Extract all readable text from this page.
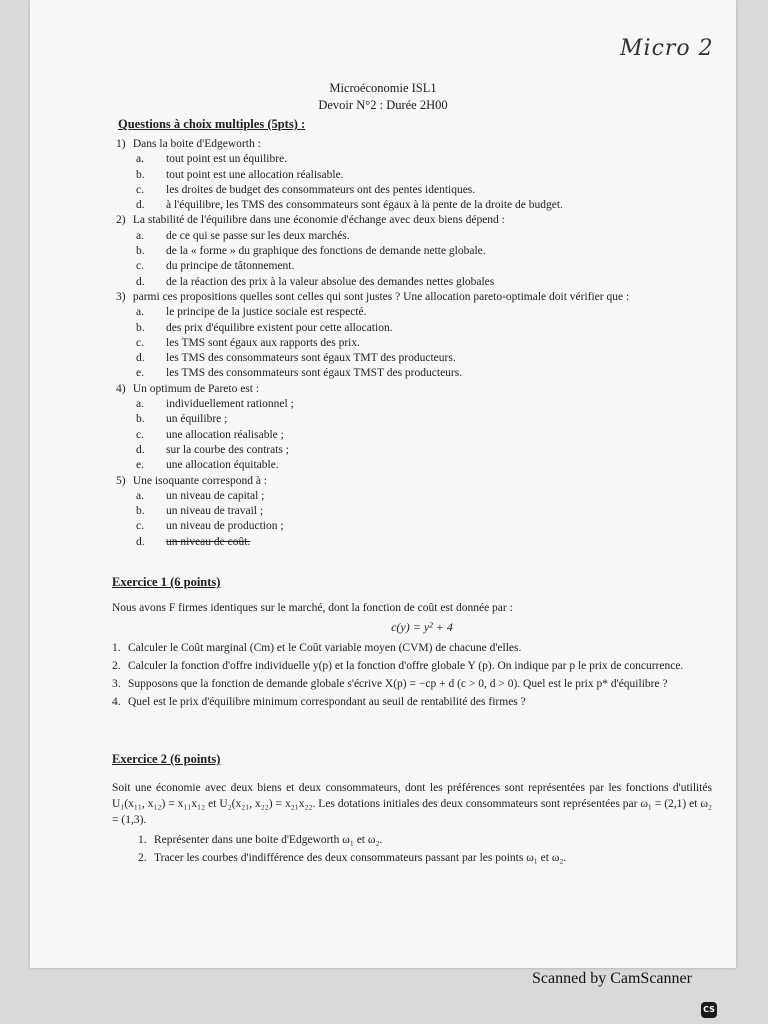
Micro 2
Microéconomie ISL1
Devoir N°2 : Durée 2H00
Questions à choix multiples (5pts) :

1) Dans la boite d'Edgeworth :

a. tout point est un équilibre.

b. tout point est une allocation réalisable.

c. les droites de budget des consommateurs ont des pentes identiques.

d. à l'équilibre, les TMS des consommateurs sont égaux à la pente de la droite de budget.

2) La stabilité de l'équilibre dans une économie d'échange avec deux biens dépend :

a. de ce qui se passe sur les deux marchés.

b. de la « forme » du graphique des fonctions de demande nette globale.

c. du principe de tâtonnement.

d. de la réaction des prix à la valeur absolue des demandes nettes globales

3) parmi ces propositions quelles sont celles qui sont justes ? Une allocation pareto-optimale doit vérifier que :

a. le principe de la justice sociale est respecté.

b. des prix d'équilibre existent pour cette allocation.

c. les TMS sont égaux aux rapports des prix.

d. les TMS des consommateurs sont égaux TMT des producteurs.

e. les TMS des consommateurs sont égaux TMST des producteurs.

4) Un optimum de Pareto est :

a. individuellement rationnel ;

b. un équilibre ;

c. une allocation réalisable ;

d. sur la courbe des contrats ;

e. une allocation équitable.

5) Une isoquante correspond à :

a. un niveau de capital ;

b. un niveau de travail ;

c. un niveau de production ;

d. un niveau de coût.

Exercice 1 (6 points)
Nous avons F firmes identiques sur le marché, dont la fonction de coût est donnée par :
c(y) = y² + 4
1. Calculer le Coût marginal (Cm) et le Coût variable moyen (CVM) de chacune d'elles.
2. Calculer la fonction d'offre individuelle y(p) et la fonction d'offre globale Y (p). On indique par p le prix de concurrence.
3. Supposons que la fonction de demande globale s'écrive X(p) = −cp + d (c > 0, d > 0). Quel est le prix p* d'équilibre ?
4. Quel est le prix d'équilibre minimum correspondant au seuil de rentabilité des firmes ?
Exercice 2 (6 points)
Soit une économie avec deux biens et deux consommateurs, dont les préférences sont représentées par les fonctions d'utilités U₁(x₁₁, x₁₂) = x₁₁x₁₂ et U₂(x₂₁, x₂₂) = x₂₁x₂₂. Les dotations initiales des deux consommateurs sont représentées par ω₁ = (2,1) et ω₂ = (1,3).
1. Représenter dans une boite d'Edgeworth ω₁ et ω₂.
2. Tracer les courbes d'indifférence des deux consommateurs passant par les points ω₁ et ω₂.
Scanned by CamScanner
CS
